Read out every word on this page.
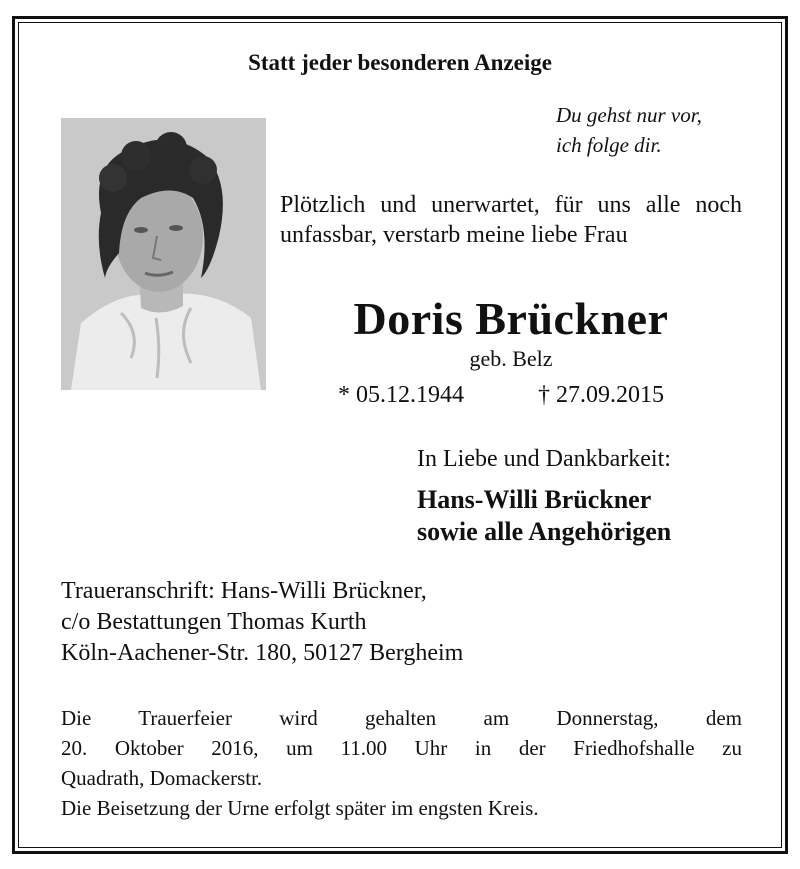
Statt jeder besonderen Anzeige
Du gehst nur vor,
ich folge dir.
Plötzlich und unerwartet, für uns alle noch unfassbar, verstarb meine liebe Frau
Doris Brückner
geb. Belz
* 05.12.1944	† 27.09.2015
In Liebe und Dankbarkeit:
Hans-Willi Brückner
sowie alle Angehörigen
Traueranschrift: Hans-Willi Brückner,
c/o Bestattungen Thomas Kurth
Köln-Aachener-Str. 180, 50127 Bergheim
Die Trauerfeier wird gehalten am Donnerstag, dem
20. Oktober 2016, um 11.00 Uhr in der Friedhofshalle zu
Quadrath, Domackerstr.
Die Beisetzung der Urne erfolgt später im engsten Kreis.
